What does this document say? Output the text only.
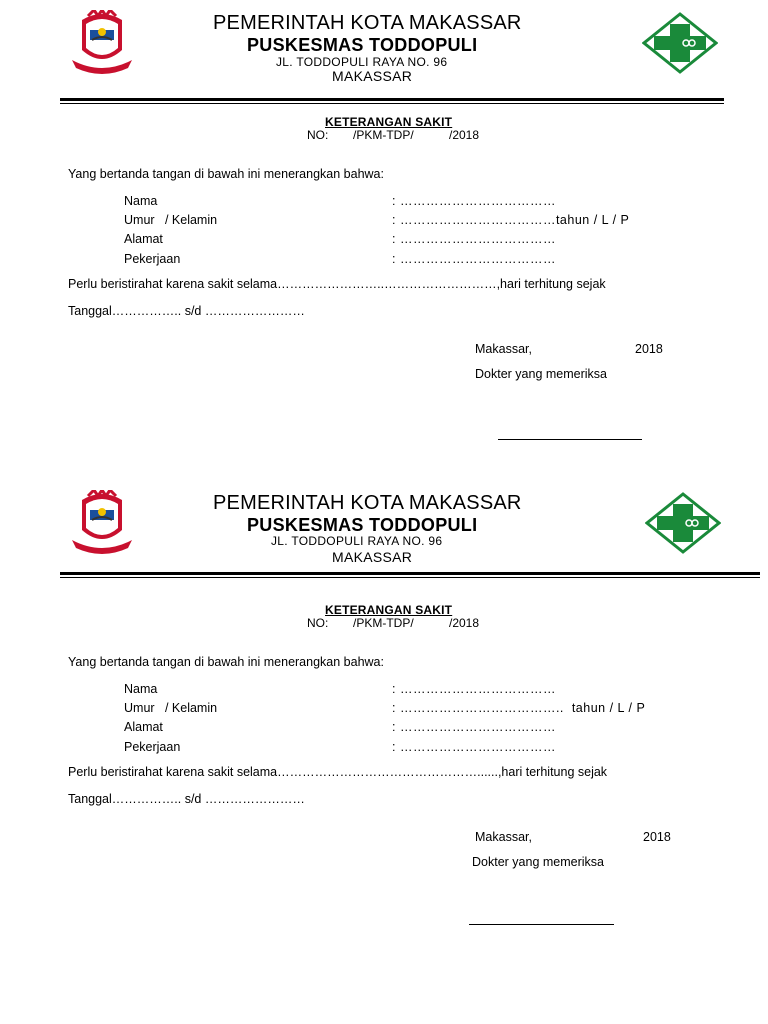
PEMERINTAH KOTA MAKASSAR
PUSKESMAS TODDOPULI
JL. TODDOPULI RAYA NO. 96
MAKASSAR
KETERANGAN SAKIT
NO: /PKM-TDP/	/2018
Yang bertanda tangan di bawah ini menerangkan bahwa:
Nama	: ………………………………
Umur   / Kelamin	: ………………………………tahun / L / P
Alamat	: ………………………………
Pekerjaan	: ………………………………
Perlu beristirahat karena sakit selama……………………..………………………,hari terhitung sejak
Tanggal…………….. s/d ……………………
Makassar,	2018
Dokter yang memeriksa
PEMERINTAH KOTA MAKASSAR
PUSKESMAS TODDOPULI
JL. TODDOPULI RAYA NO. 96
MAKASSAR
KETERANGAN SAKIT
NO: /PKM-TDP/	/2018
Yang bertanda tangan di bawah ini menerangkan bahwa:
Nama	: ………………………………
Umur   / Kelamin	: ………………………………..  tahun / L / P
Alamat	: ………………………………
Pekerjaan	: ………………………………
Perlu beristirahat karena sakit selama…………………………………………......,hari terhitung sejak
Tanggal…………….. s/d ……………………
Makassar,	2018
Dokter yang memeriksa
